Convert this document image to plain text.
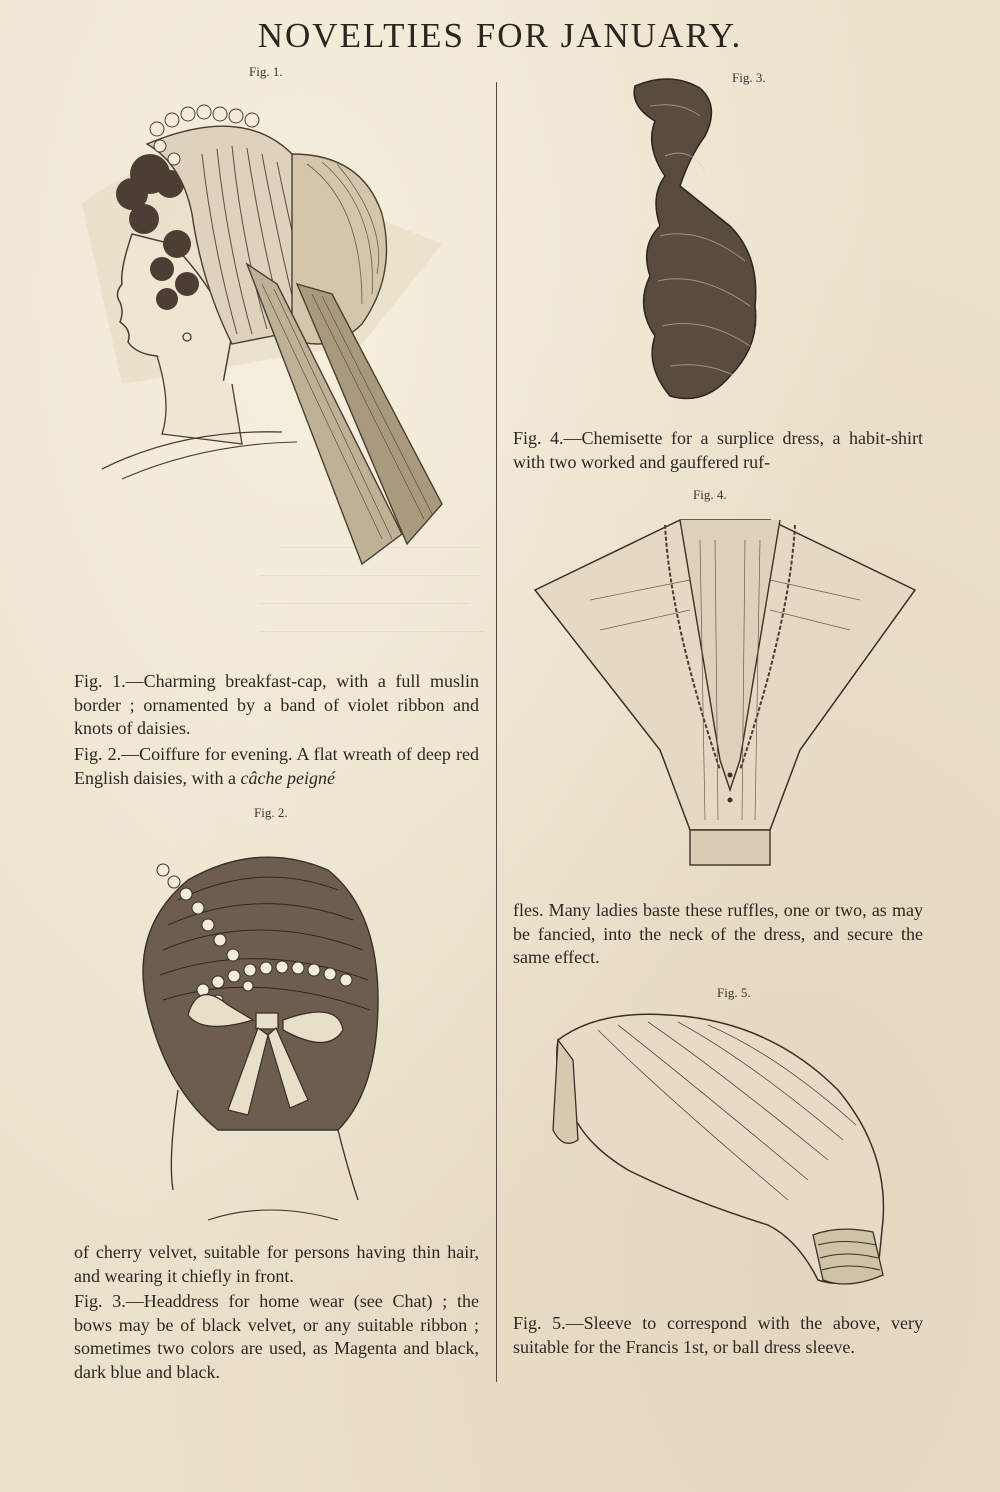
NOVELTIES FOR JANUARY.
Fig. 1.
Fig. 1.—Charming breakfast-cap, with a full muslin border ; ornamented by a band of violet ribbon and knots of daisies.
Fig. 2.—Coiffure for evening. A flat wreath of deep red English daisies, with a câche peigné
Fig. 2.
of cherry velvet, suitable for persons having thin hair, and wearing it chiefly in front.
Fig. 3.—Headdress for home wear (see Chat) ; the bows may be of black velvet, or any suitable ribbon ; sometimes two colors are used, as Magenta and black, dark blue and black.
Fig. 3.
Fig. 4.—Chemisette for a surplice dress, a habit-shirt with two worked and gauffered ruf-
Fig. 4.
fles. Many ladies baste these ruffles, one or two, as may be fancied, into the neck of the dress, and secure the same effect.
Fig. 5.
Fig. 5.—Sleeve to correspond with the above, very suitable for the Francis 1st, or ball dress sleeve.
